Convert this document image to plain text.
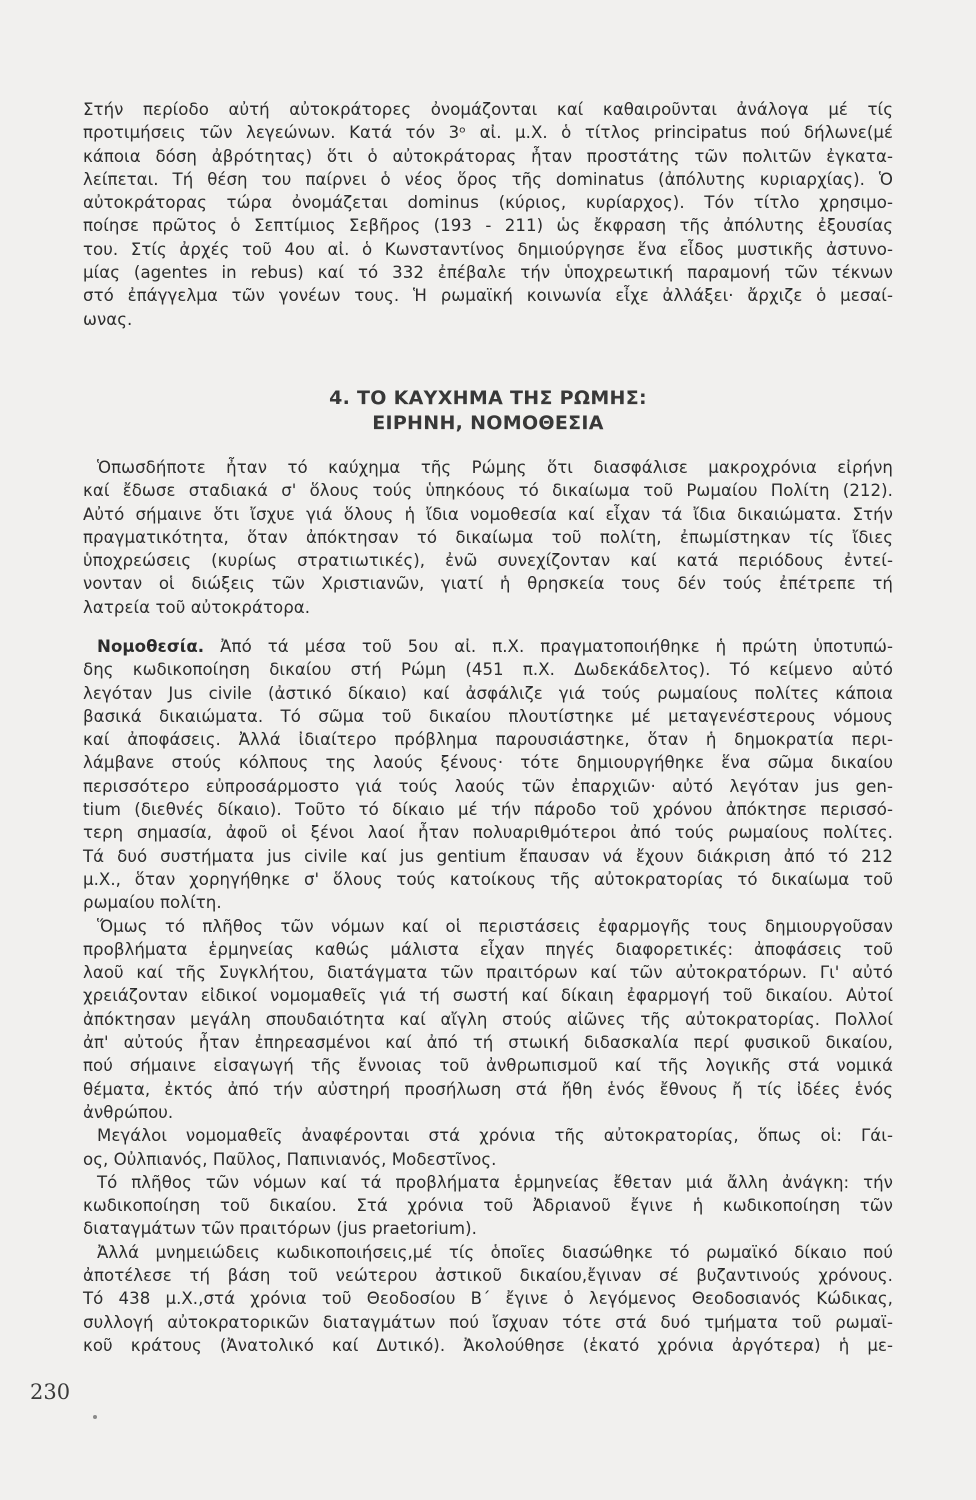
Στήν περίοδο αὐτή αὐτοκράτορες ὀνομάζονται καί καθαιροῦνται ἀνάλογα μέ τίς
προτιμήσεις τῶν λεγεώνων. Κατά τόν 3ᵒ αἰ. μ.Χ. ὁ τίτλος principatus πού δήλωνε(μέ
κάποια δόση ἀβρότητας) ὅτι ὁ αὐτοκράτορας ἦταν προστάτης τῶν πολιτῶν ἐγκατα-
λείπεται. Τή θέση του παίρνει ὁ νέος ὅρος τῆς dominatus (ἀπόλυτης κυριαρχίας). Ὁ
αὐτοκράτορας τώρα ὀνομάζεται dominus (κύριος, κυρίαρχος). Τόν τίτλο χρησιμο-
ποίησε πρῶτος ὁ Σεπτίμιος Σεβῆρος (193 - 211) ὡς ἔκφραση τῆς ἀπόλυτης ἐξουσίας
του. Στίς ἀρχές τοῦ 4ου αἰ. ὁ Κωνσταντίνος δημιούργησε ἕνα εἶδος μυστικῆς ἀστυνο-
μίας (agentes in rebus) καί τό 332 ἐπέβαλε τήν ὑποχρεωτική παραμονή τῶν τέκνων
στό ἐπάγγελμα τῶν γονέων τους. Ἡ ρωμαϊκή κοινωνία εἶχε ἀλλάξει· ἄρχιζε ὁ μεσαί-
ωνας.
4. ΤΟ ΚΑΥΧΗΜΑ ΤΗΣ ΡΩΜΗΣ:
ΕΙΡΗΝΗ, ΝΟΜΟΘΕΣΙΑ
Ὁπωσδήποτε ἦταν τό καύχημα τῆς Ρώμης ὅτι διασφάλισε μακροχρόνια εἰρήνη
καί ἔδωσε σταδιακά σ' ὅλους τούς ὑπηκόους τό δικαίωμα τοῦ Ρωμαίου Πολίτη (212).
Αὐτό σήμαινε ὅτι ἴσχυε γιά ὅλους ἡ ἴδια νομοθεσία καί εἶχαν τά ἴδια δικαιώματα. Στήν
πραγματικότητα, ὅταν ἀπόκτησαν τό δικαίωμα τοῦ πολίτη, ἐπωμίστηκαν τίς ἴδιες
ὑποχρεώσεις (κυρίως στρατιωτικές), ἐνῶ συνεχίζονταν καί κατά περιόδους ἐντεί-
νονταν οἱ διώξεις τῶν Χριστιανῶν, γιατί ἡ θρησκεία τους δέν τούς ἐπέτρεπε τή
λατρεία τοῦ αὐτοκράτορα.
Νομοθεσία. Ἀπό τά μέσα τοῦ 5ου αἰ. π.Χ. πραγματοποιήθηκε ἡ πρώτη ὑποτυπώ-
δης κωδικοποίηση δικαίου στή Ρώμη (451 π.Χ. Δωδεκάδελτος). Τό κείμενο αὐτό
λεγόταν Jus civile (ἀστικό δίκαιο) καί ἀσφάλιζε γιά τούς ρωμαίους πολίτες κάποια
βασικά δικαιώματα. Τό σῶμα τοῦ δικαίου πλουτίστηκε μέ μεταγενέστερους νόμους
καί ἀποφάσεις. Ἀλλά ἰδιαίτερο πρόβλημα παρουσιάστηκε, ὅταν ἡ δημοκρατία περι-
λάμβανε στούς κόλπους της λαούς ξένους· τότε δημιουργήθηκε ἕνα σῶμα δικαίου
περισσότερο εὐπροσάρμοστο γιά τούς λαούς τῶν ἐπαρχιῶν· αὐτό λεγόταν jus gen-
tium (διεθνές δίκαιο). Τοῦτο τό δίκαιο μέ τήν πάροδο τοῦ χρόνου ἀπόκτησε περισσό-
τερη σημασία, ἀφοῦ οἱ ξένοι λαοί ἦταν πολυαριθμότεροι ἀπό τούς ρωμαίους πολίτες.
Τά δυό συστήματα jus civile καί jus gentium ἔπαυσαν νά ἔχουν διάκριση ἀπό τό 212
μ.Χ., ὅταν χορηγήθηκε σ' ὅλους τούς κατοίκους τῆς αὐτοκρατορίας τό δικαίωμα τοῦ
ρωμαίου πολίτη.
Ὅμως τό πλῆθος τῶν νόμων καί οἱ περιστάσεις ἐφαρμογῆς τους δημιουργοῦσαν
προβλήματα ἑρμηνείας καθώς μάλιστα εἶχαν πηγές διαφορετικές: ἀποφάσεις τοῦ
λαοῦ καί τῆς Συγκλήτου, διατάγματα τῶν πραιτόρων καί τῶν αὐτοκρατόρων. Γι' αὐτό
χρειάζονταν εἰδικοί νομομαθεῖς γιά τή σωστή καί δίκαιη ἐφαρμογή τοῦ δικαίου. Αὐτοί
ἀπόκτησαν μεγάλη σπουδαιότητα καί αἴγλη στούς αἰῶνες τῆς αὐτοκρατορίας. Πολλοί
ἀπ' αὐτούς ἦταν ἐπηρεασμένοι καί ἀπό τή στωική διδασκαλία περί φυσικοῦ δικαίου,
πού σήμαινε εἰσαγωγή τῆς ἔννοιας τοῦ ἀνθρωπισμοῦ καί τῆς λογικῆς στά νομικά
θέματα, ἐκτός ἀπό τήν αὐστηρή προσήλωση στά ἤθη ἑνός ἔθνους ἤ τίς ἰδέες ἑνός
ἀνθρώπου.
Μεγάλοι νομομαθεῖς ἀναφέρονται στά χρόνια τῆς αὐτοκρατορίας, ὅπως οἱ: Γάι-
ος, Οὐλπιανός, Παῦλος, Παπινιανός, Μοδεστῖνος.
Τό πλῆθος τῶν νόμων καί τά προβλήματα ἑρμηνείας ἔθεταν μιά ἄλλη ἀνάγκη: τήν
κωδικοποίηση τοῦ δικαίου. Στά χρόνια τοῦ Ἀδριανοῦ ἔγινε ἡ κωδικοποίηση τῶν
διαταγμάτων τῶν πραιτόρων (jus praetorium).
Ἀλλά μνημειώδεις κωδικοποιήσεις,μέ τίς ὁποῖες διασώθηκε τό ρωμαϊκό δίκαιο πού
ἀποτέλεσε τή βάση τοῦ νεώτερου ἀστικοῦ δικαίου,ἔγιναν σέ βυζαντινούς χρόνους.
Τό 438 μ.Χ.,στά χρόνια τοῦ Θεοδοσίου Β΄ ἔγινε ὁ λεγόμενος Θεοδοσιανός Κώδικας,
συλλογή αὐτοκρατορικῶν διαταγμάτων πού ἴσχυαν τότε στά δυό τμήματα τοῦ ρωμαϊ-
κοῦ κράτους (Ἀνατολικό καί Δυτικό). Ἀκολούθησε (ἑκατό χρόνια ἀργότερα) ἡ με-
230
